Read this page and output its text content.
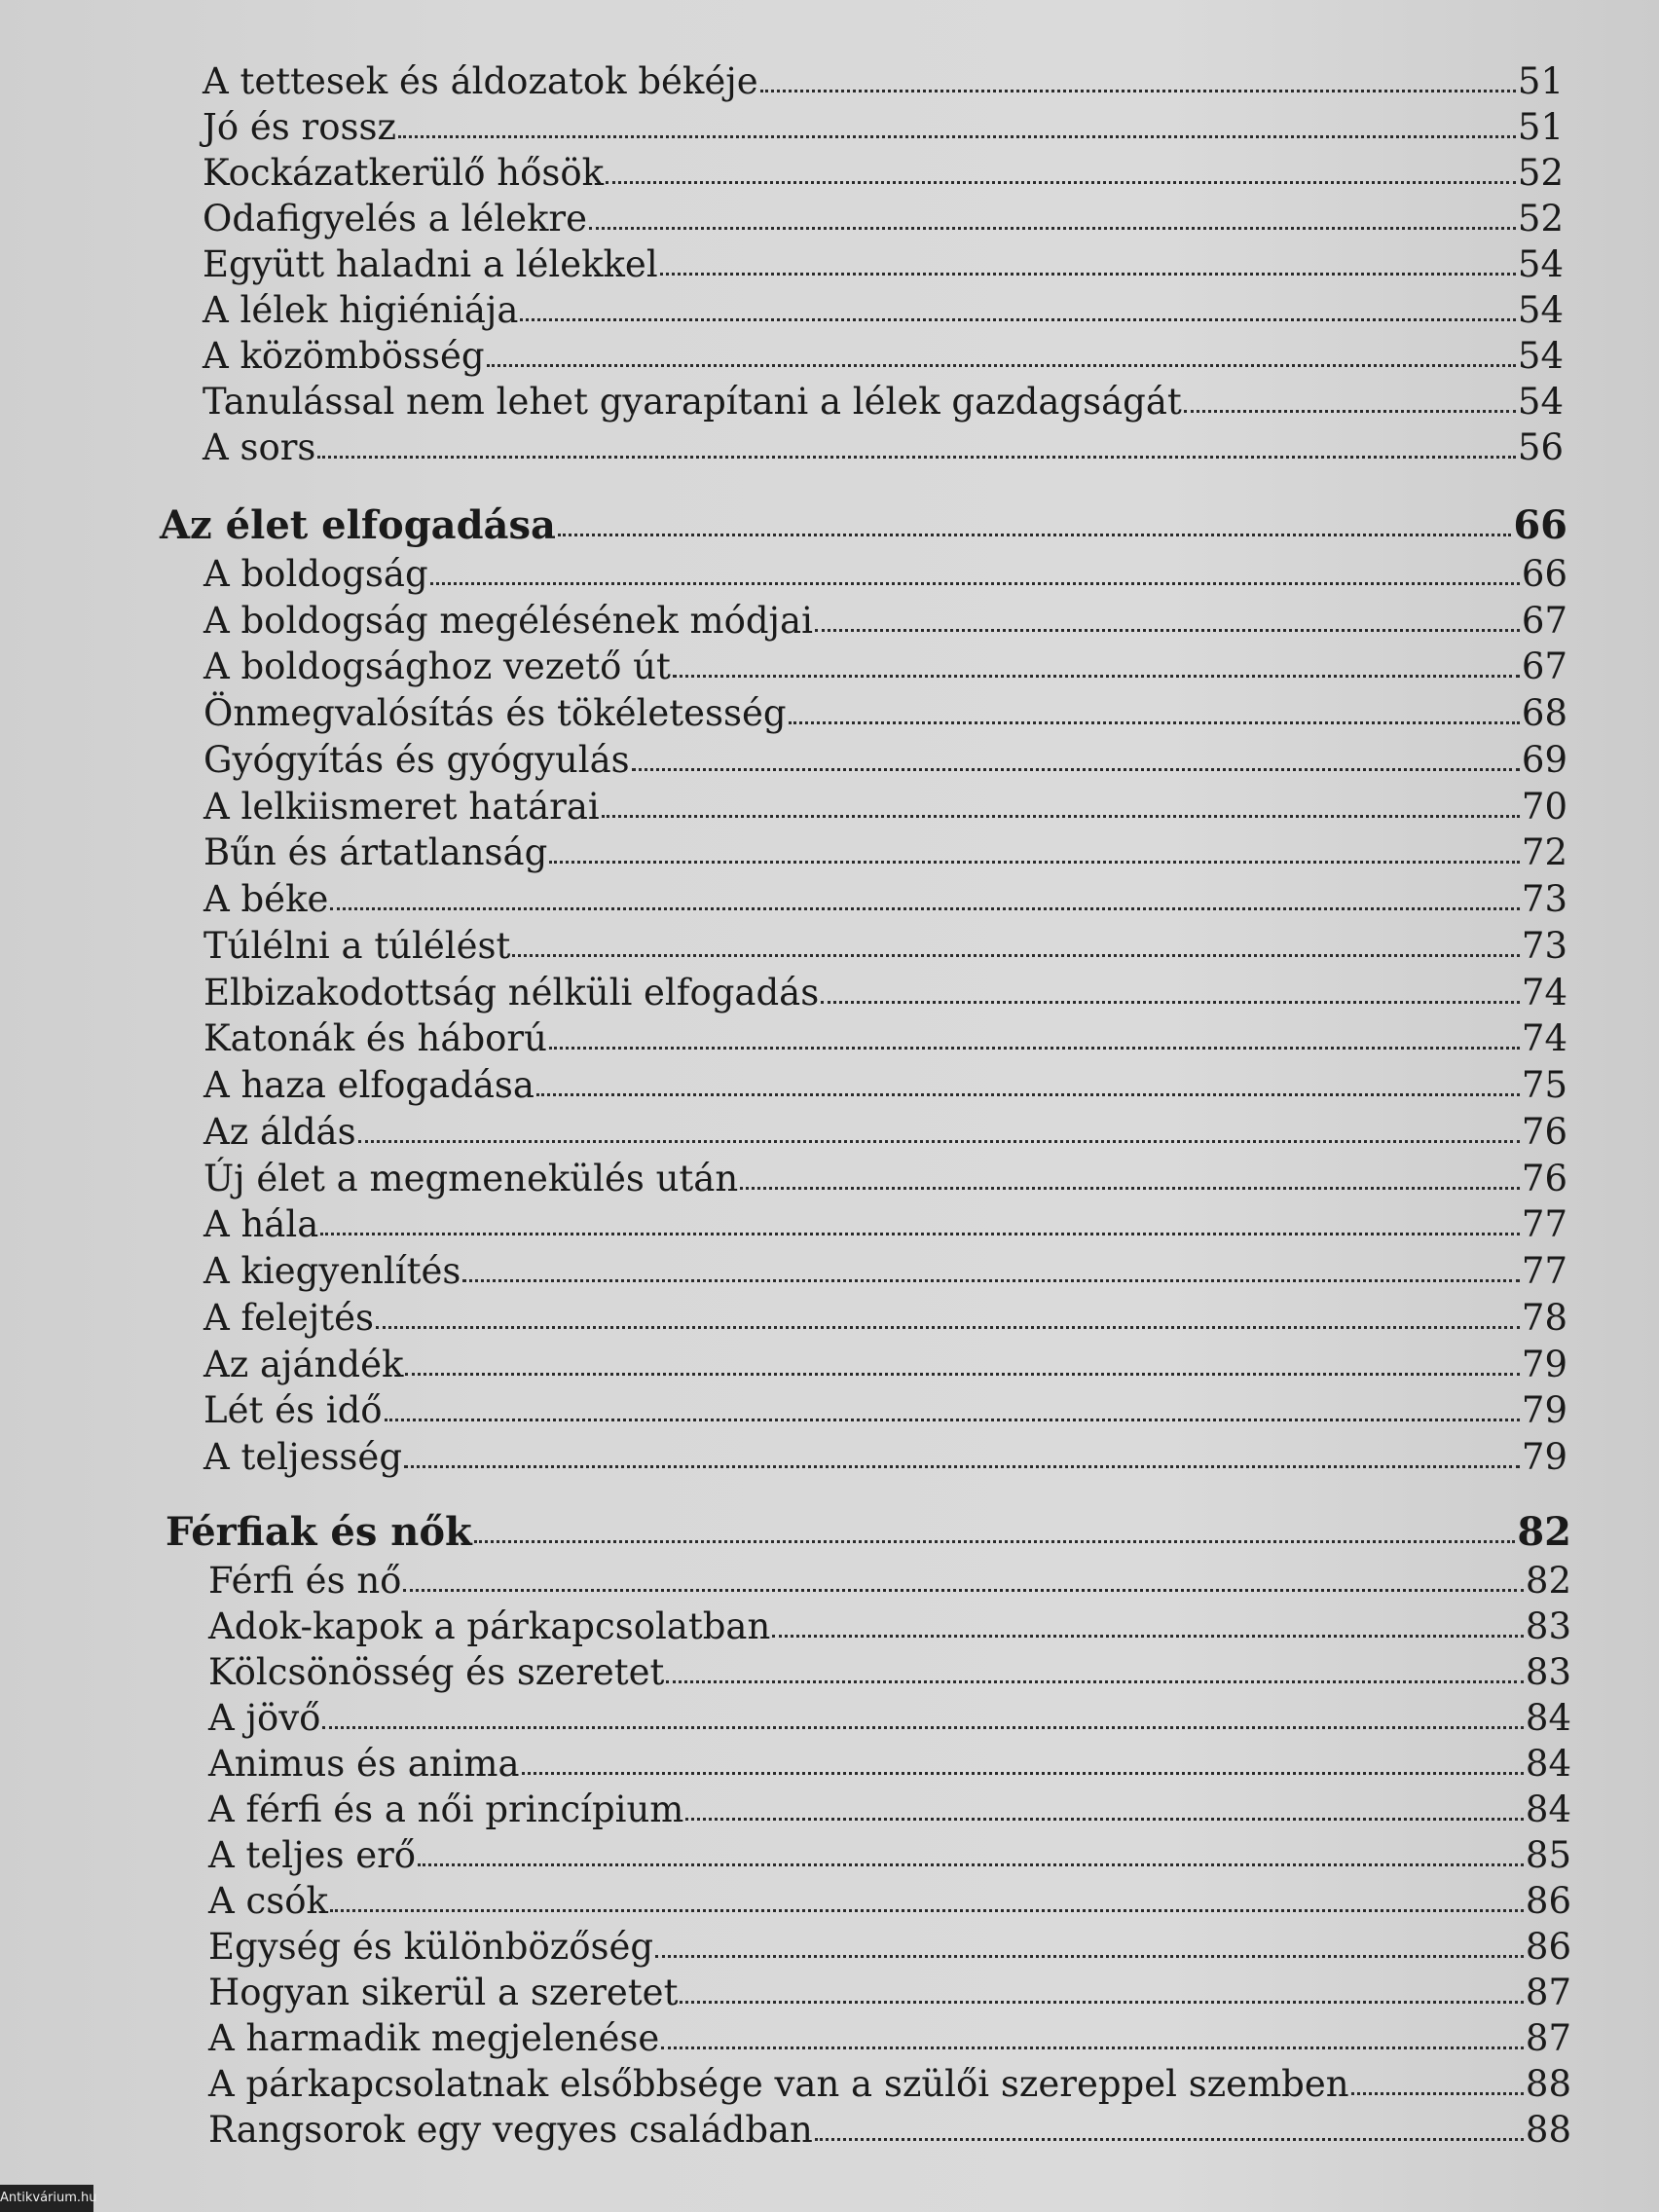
A tettesek és áldozatok békéje	51
Jó és rossz	51
Kockázatkerülő hősök	52
Odafigyelés a lélekre	52
Együtt haladni a lélekkel	54
A lélek higiéniája	54
A közömbösség	54
Tanulással nem lehet gyarapítani a lélek gazdagságát	54
A sors	56
Az élet elfogadása	66
A boldogság	66
A boldogság megélésének módjai	67
A boldogsághoz vezető út	67
Önmegvalósítás és tökéletesség	68
Gyógyítás és gyógyulás	69
A lelkiismeret határai	70
Bűn és ártatlanság	72
A béke	73
Túlélni a túlélést	73
Elbizakodottság nélküli elfogadás	74
Katonák és háború	74
A haza elfogadása	75
Az áldás	76
Új élet a megmenekülés után	76
A hála	77
A kiegyenlítés	77
A felejtés	78
Az ajándék	79
Lét és idő	79
A teljesség	79
Férfiak és nők	82
Férfi és nő	82
Adok-kapok a párkapcsolatban	83
Kölcsönösség és szeretet	83
A jövő	84
Animus és anima	84
A férfi és a női princípium	84
A teljes erő	85
A csók	86
Egység és különbözőség	86
Hogyan sikerül a szeretet	87
A harmadik megjelenése	87
A párkapcsolatnak elsőbbsége van a szülői szereppel szemben	88
Rangsorok egy vegyes családban	88
Antikvárium.hu
